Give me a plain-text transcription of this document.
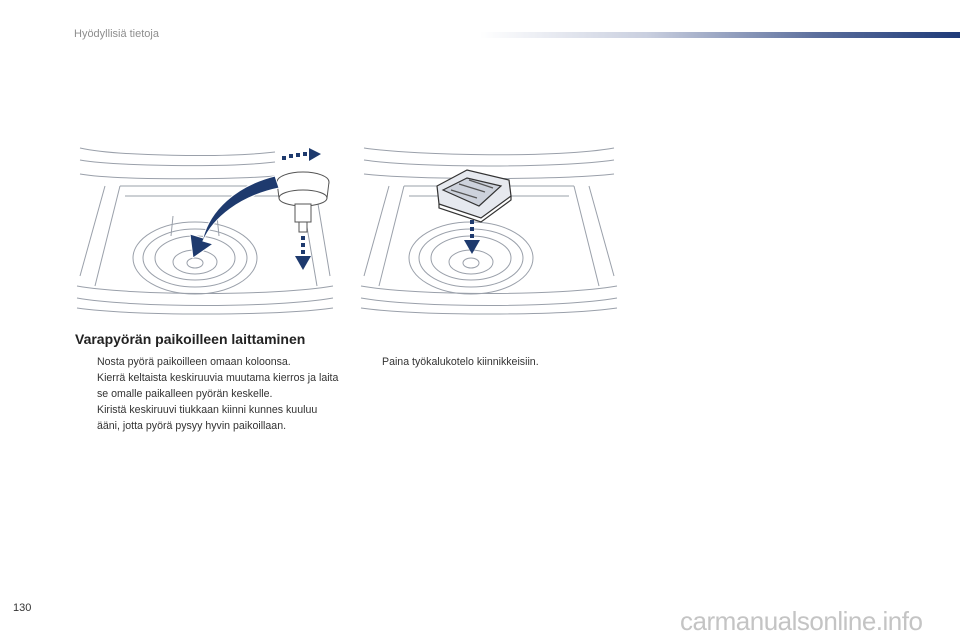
Hyödyllisiä tietoja
Varapyörän paikoilleen laittaminen
Nosta pyörä paikoilleen omaan koloonsa.
Kierrä keltaista keskiruuvia muutama kierros ja laita se omalle paikalleen pyörän keskelle.
Kiristä keskiruuvi tiukkaan kiinni kunnes kuuluu ääni, jotta pyörä pysyy hyvin paikoillaan.
Paina työkalukotelo kiinnikkeisiin.
130	carmanualsonline.info
